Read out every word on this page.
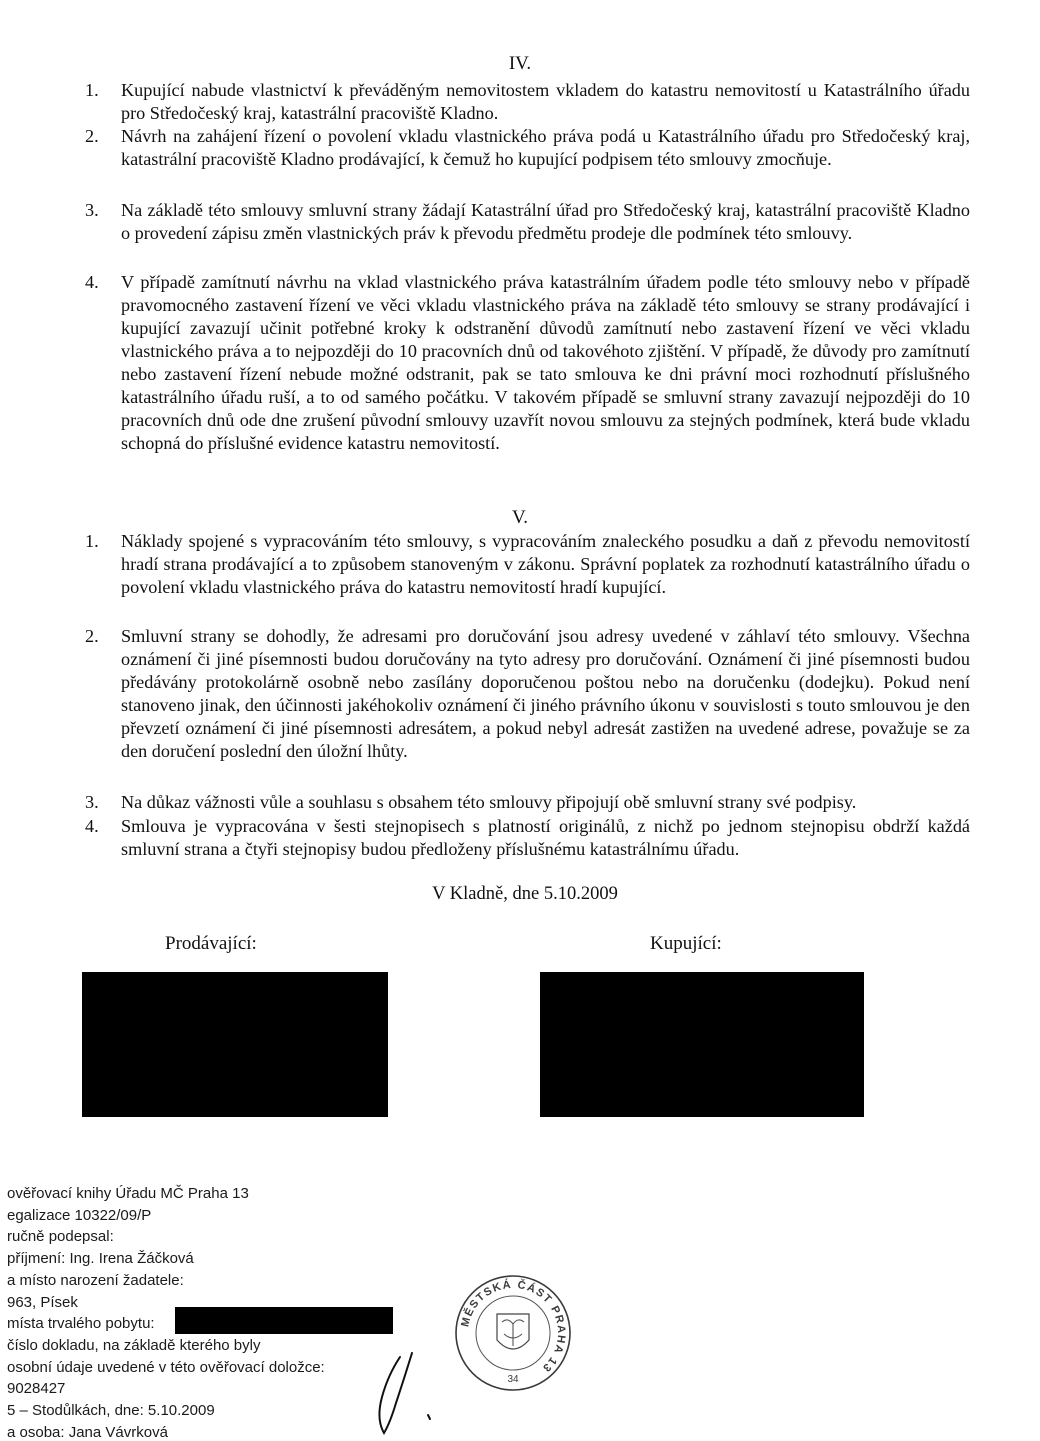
IV.
1. Kupující nabude vlastnictví k převáděným nemovitostem vkladem do katastru nemovitostí u Katastrálního úřadu pro Středočeský kraj, katastrální pracoviště Kladno.
2. Návrh na zahájení řízení o povolení vkladu vlastnického práva podá u Katastrálního úřadu pro Středočeský kraj, katastrální pracoviště Kladno prodávající, k čemuž ho kupující podpisem této smlouvy zmocňuje.
3. Na základě této smlouvy smluvní strany žádají Katastrální úřad pro Středočeský kraj, katastrální pracoviště Kladno o provedení zápisu změn vlastnických práv k převodu předmětu prodeje dle podmínek této smlouvy.
4. V případě zamítnutí návrhu na vklad vlastnického práva katastrálním úřadem podle této smlouvy nebo v případě pravomocného zastavení řízení ve věci vkladu vlastnického práva na základě této smlouvy se strany prodávající i kupující zavazují učinit potřebné kroky k odstranění důvodů zamítnutí nebo zastavení řízení ve věci vkladu vlastnického práva a to nejpozději do 10 pracovních dnů od takovéhoto zjištění. V případě, že důvody pro zamítnutí nebo zastavení řízení nebude možné odstranit, pak se tato smlouva ke dni právní moci rozhodnutí příslušného katastrálního úřadu ruší, a to od samého počátku. V takovém případě se smluvní strany zavazují nejpozději do 10 pracovních dnů ode dne zrušení původní smlouvy uzavřít novou smlouvu za stejných podmínek, která bude vkladu schopná do příslušné evidence katastru nemovitostí.
V.
1. Náklady spojené s vypracováním této smlouvy, s vypracováním znaleckého posudku a daň z převodu nemovitostí hradí strana prodávající a to způsobem stanoveným v zákonu. Správní poplatek za rozhodnutí katastrálního úřadu o povolení vkladu vlastnického práva do katastru nemovitostí hradí kupující.
2. Smluvní strany se dohodly, že adresami pro doručování jsou adresy uvedené v záhlaví této smlouvy. Všechna oznámení či jiné písemnosti budou doručovány na tyto adresy pro doručování. Oznámení či jiné písemnosti budou předávány protokolárně osobně nebo zasílány doporučenou poštou nebo na doručenku (dodejku). Pokud není stanoveno jinak, den účinnosti jakéhokoliv oznámení či jiného právního úkonu v souvislosti s touto smlouvou je den převzetí oznámení či jiné písemnosti adresátem, a pokud nebyl adresát zastižen na uvedené adrese, považuje se za den doručení poslední den úložní lhůty.
3. Na důkaz vážnosti vůle a souhlasu s obsahem této smlouvy připojují obě smluvní strany své podpisy.
4. Smlouva je vypracována v šesti stejnopisech s platností originálů, z nichž po jednom stejnopisu obdrží každá smluvní strana a čtyři stejnopisy budou předloženy příslušnému katastrálnímu úřadu.
V Kladně, dne 5.10.2009
Prodávající:	Kupující:
ověřovací knihy Úřadu MČ Praha 13
egalizace 10322/09/P
ručně podepsal:
příjmení: Ing. Irena Žáčková
a místo narození žadatele:
963, Písek
místa trvalého pobytu:
číslo dokladu, na základě kterého byly
osobní údaje uvedené v této ověřovací doložce:
9028427
5 – Stodůlkách, dne: 5.10.2009
a osoba: Jana Vávrková
MĚSTSKÁ ČÁST PRAHA 13
34
